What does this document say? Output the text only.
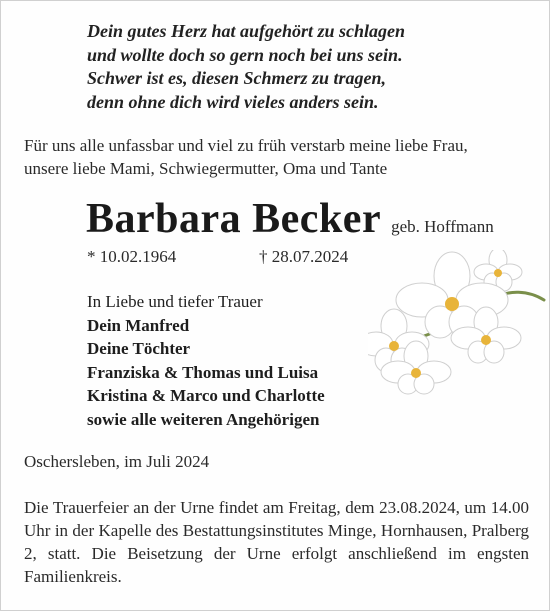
Dein gutes Herz hat aufgehört zu schlagen
und wollte doch so gern noch bei uns sein.
Schwer ist es, diesen Schmerz zu tragen,
denn ohne dich wird vieles anders sein.
Für uns alle unfassbar und viel zu früh verstarb meine liebe Frau,
unsere liebe Mami, Schwiegermutter, Oma und Tante
Barbara Becker geb. Hoffmann
* 10.02.1964	† 28.07.2024
In Liebe und tiefer Trauer
Dein Manfred
Deine Töchter
Franziska & Thomas und Luisa
Kristina & Marco und Charlotte
sowie alle weiteren Angehörigen
Oschersleben, im Juli 2024
Die Trauerfeier an der Urne findet am Freitag, dem 23.08.2024, um 14.00 Uhr in der Kapelle des Bestattungsinstitutes Minge, Hornhausen, Pralberg 2, statt. Die Beisetzung der Urne erfolgt anschließend im engsten Familienkreis.
